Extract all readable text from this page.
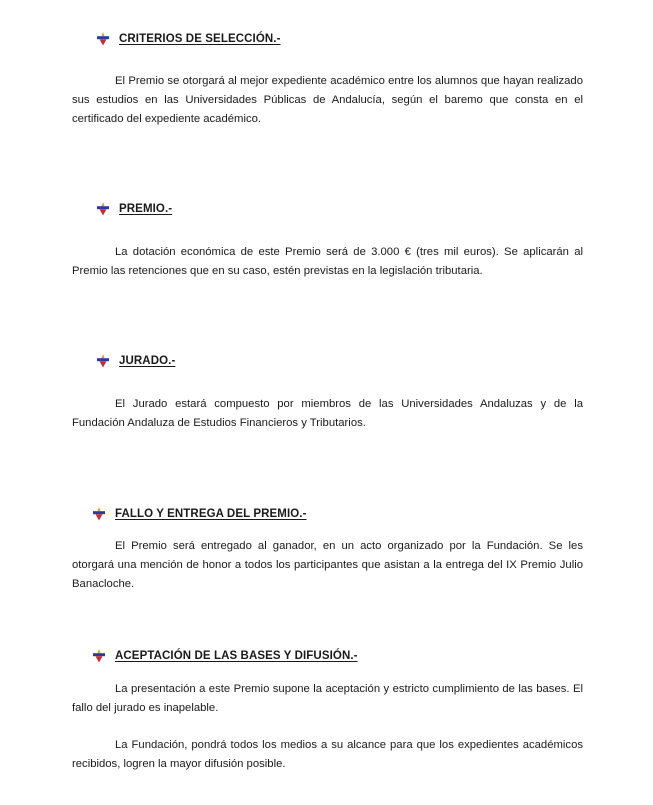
CRITERIOS DE SELECCIÓN.-

El Premio se otorgará al mejor expediente académico entre los alumnos que hayan realizado sus estudios en las Universidades Públicas de Andalucía, según el baremo que consta en el certificado del expediente académico.

PREMIO.-

La dotación económica de este Premio será de 3.000 € (tres mil euros). Se aplicarán al Premio las retenciones que en su caso, estén previstas en la legislación tributaria.

JURADO.-

El Jurado estará compuesto por miembros de las Universidades Andaluzas y de la Fundación Andaluza de Estudios Financieros y Tributarios.

FALLO Y ENTREGA DEL PREMIO.-

El Premio será entregado al ganador, en un acto organizado por la Fundación. Se les otorgará una mención de honor a todos los participantes que asistan a la entrega del IX Premio Julio Banacloche.

ACEPTACIÓN DE LAS BASES Y DIFUSIÓN.-

La presentación a este Premio supone la aceptación y estricto cumplimiento de las bases. El fallo del jurado es inapelable.

La Fundación, pondrá todos los medios a su alcance para que los expedientes académicos recibidos, logren la mayor difusión posible.
